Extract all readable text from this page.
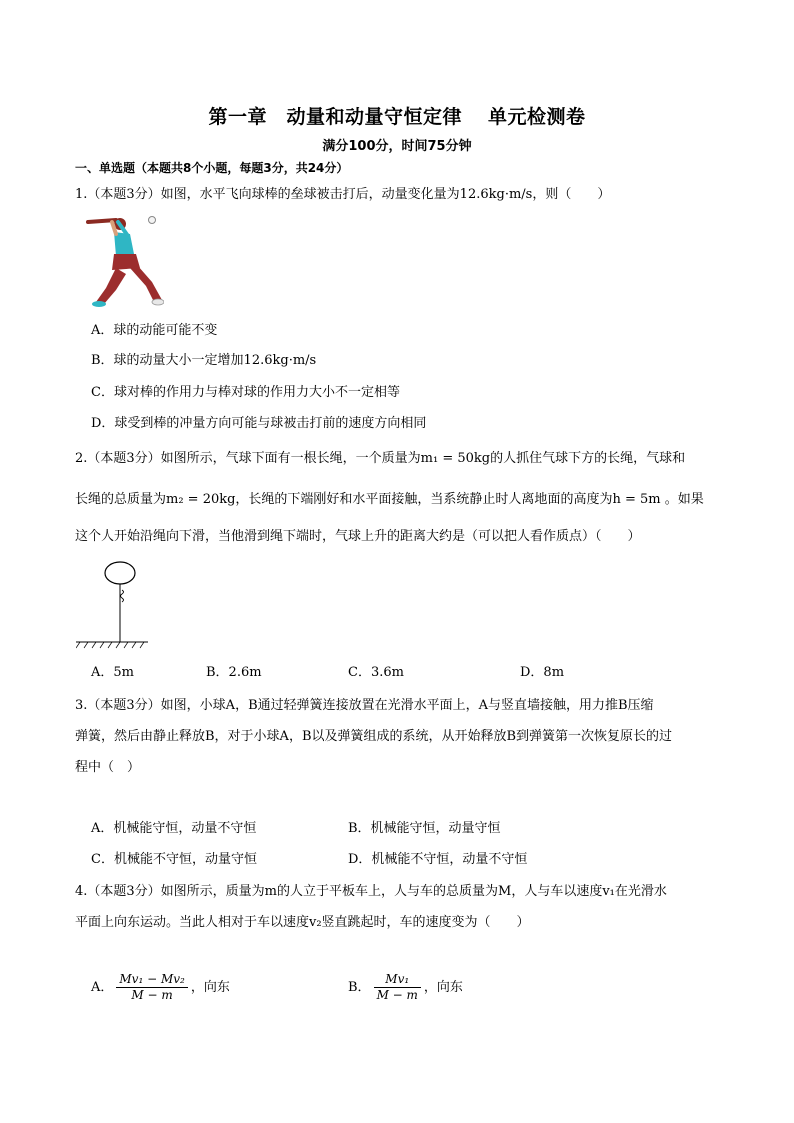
第一章　动量和动量守恒定律 单元检测卷
满分100分，时间75分钟
一、单选题（本题共8个小题，每题3分，共24分）
1.（本题3分）如图，水平飞向球棒的垒球被击打后，动量变化量为12.6kg·m/s，则（　　）
A．球的动能可能不变
B．球的动量大小一定增加12.6kg·m/s
C．球对棒的作用力与棒对球的作用力大小不一定相等
D．球受到棒的冲量方向可能与球被击打前的速度方向相同
2.（本题3分）如图所示，气球下面有一根长绳，一个质量为m₁ = 50kg的人抓住气球下方的长绳，气球和
长绳的总质量为m₂ = 20kg，长绳的下端刚好和水平面接触，当系统静止时人离地面的高度为h = 5m 。如果
这个人开始沿绳向下滑，当他滑到绳下端时，气球上升的距离大约是（可以把人看作质点）（　　）
A．5m	B．2.6m	C．3.6m	D．8m
3.（本题3分）如图，小球A，B通过轻弹簧连接放置在光滑水平面上，A与竖直墙接触，用力推B压缩
弹簧，然后由静止释放B，对于小球A，B以及弹簧组成的系统，从开始释放B到弹簧第一次恢复原长的过
程中（　）
A．机械能守恒，动量不守恒	B．机械能守恒，动量守恒
C．机械能不守恒，动量守恒	D．机械能不守恒，动量不守恒
4.（本题3分）如图所示，质量为m的人立于平板车上，人与车的总质量为M，人与车以速度v₁在光滑水
平面上向东运动。当此人相对于车以速度v₂竖直跳起时，车的速度变为（　　）
A． $\frac{\text{Mv₁ − Mv₂}}{M - m}$ ，向东	B． $\frac{\text{Mv₁}}{M - m}$ ，向东
